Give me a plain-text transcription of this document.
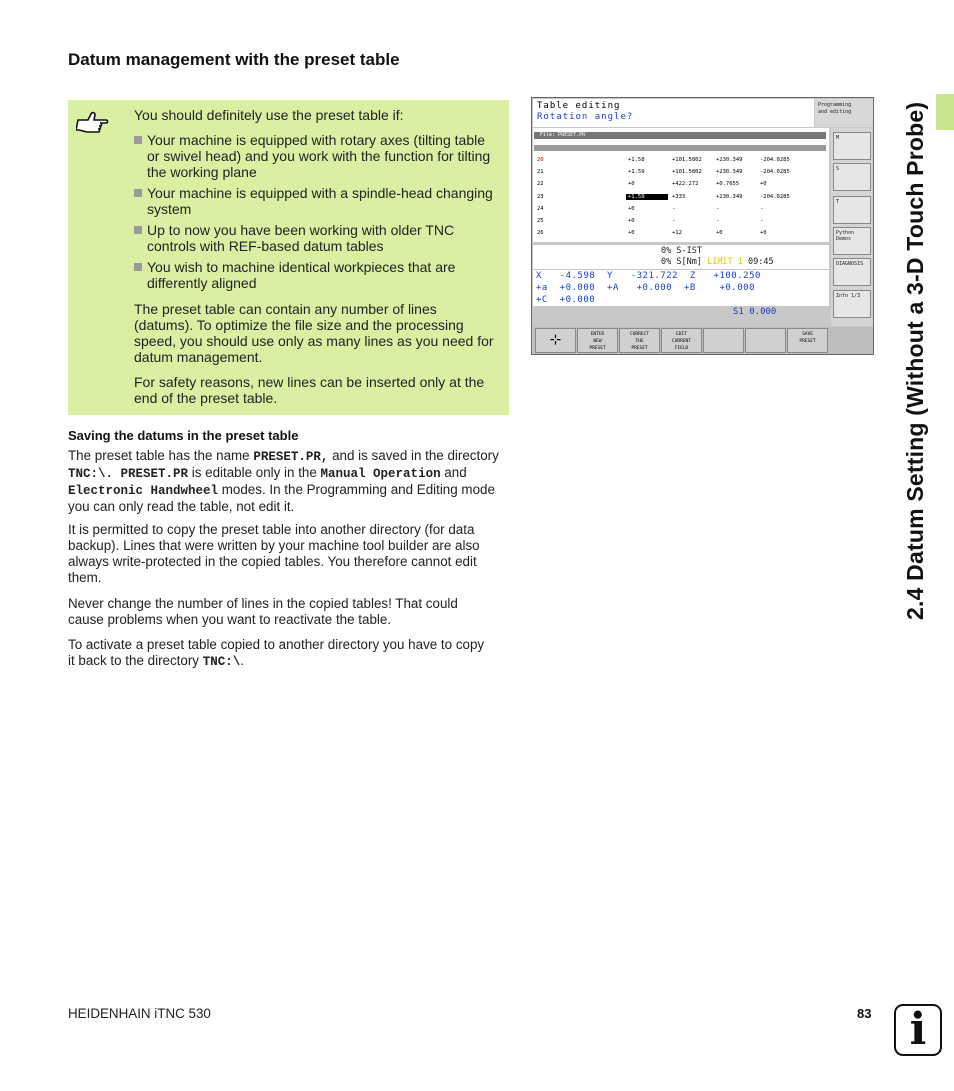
Datum management with the preset table
You should definitely use the preset table if:
Your machine is equipped with rotary axes (tilting table
or swivel head) and you work with the function for tilting
the working plane
Your machine is equipped with a spindle-head changing
system
Up to now you have been working with older TNC
controls with REF-based datum tables
You wish to machine identical workpieces that are
differently aligned
The preset table can contain any number of lines
(datums). To optimize the file size and the processing
speed, you should use only as many lines as you need for
datum management.
For safety reasons, new lines can be inserted only at the
end of the preset table.
Saving the datums in the preset table
The preset table has the name PRESET.PR, and is saved in the directory
TNC:\. PRESET.PR is editable only in the Manual Operation and
Electronic Handwheel modes. In the Programming and Editing mode
you can only read the table, not edit it.
It is permitted to copy the preset table into another directory (for data
backup). Lines that were written by your machine tool builder are also
always write-protected in the copied tables. You therefore cannot edit
them.
Never change the number of lines in the copied tables! That could
cause problems when you want to reactivate the table.
To activate a preset table copied to another directory you have to copy
it back to the directory TNC:\.
Table editing
Rotation angle?
Programming
and editing
File: PRESET.PR
20	+1.58	+101.5802	+230.349	-204.0285
21	+1.59	+101.5802	+230.349	-204.0285
22	+0	+422.272	+0.7655	+0
23	+1.59	+333	+230.349	-204.0285
24	+0	-	-	-
25	+0	-	-	-
26	+0	+12	+0	+0
0% S-IST
0% S[Nm] LIMIT 1 09:45
X   -4.598  Y   -321.722  Z   +100.250
+a  +0.000  +A   +0.000  +B    +0.000
+C  +0.000
S1 0.000
M
S
T
Python Demos
DIAGNOSIS
Info 1/3
⊹	ENTER
NEW
PRESET
CORRECT
THE
PRESET
EDIT
CURRENT
FIELD
SAVE
PRESET	2.4 Datum Setting (Without a 3-D Touch Probe)
HEIDENHAIN iTNC 530	83 i
